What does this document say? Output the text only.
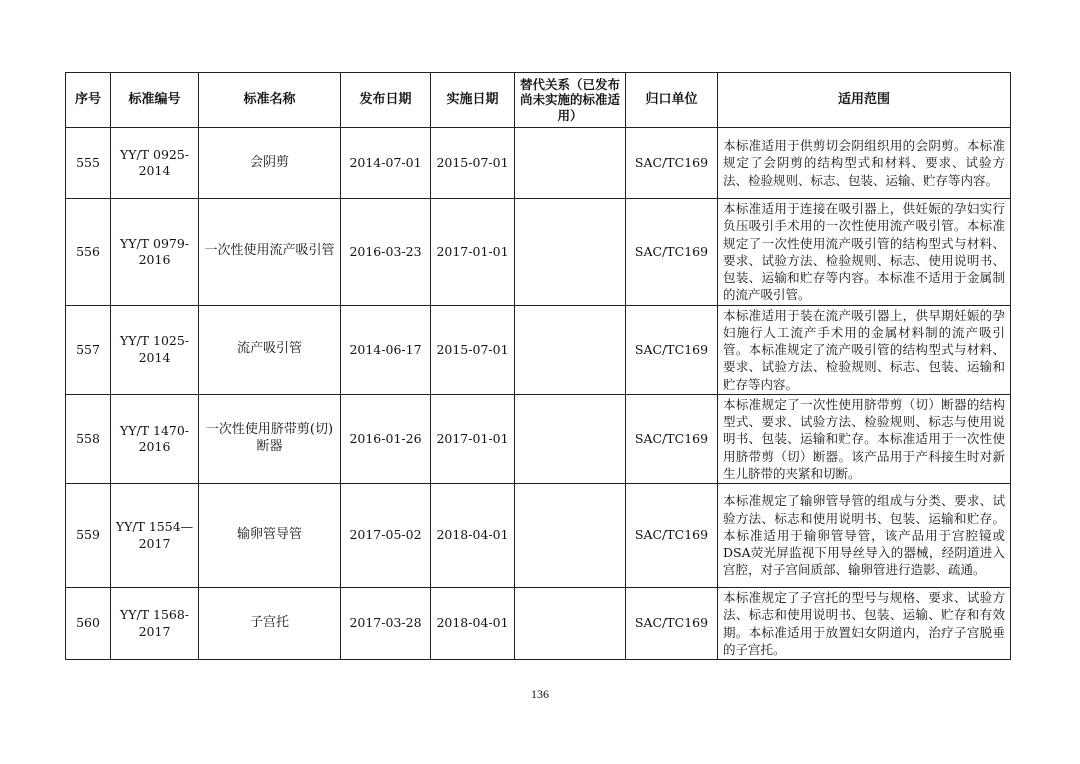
序号	标准编号	标准名称	发布日期	实施日期	替代关系（已发布尚未实施的标准适用）	归口单位	适用范围
555	YY/T 0925-2014	会阴剪	2014-07-01	2015-07-01		SAC/TC169	本标准适用于供剪切会阴组织用的会阴剪。本标准规定了会阴剪的结构型式和材料、要求、试验方法、检验规则、标志、包装、运输、贮存等内容。
556	YY/T 0979-2016	一次性使用流产吸引管	2016-03-23	2017-01-01		SAC/TC169	本标准适用于连接在吸引器上，供妊娠的孕妇实行负压吸引手术用的一次性使用流产吸引管。本标准规定了一次性使用流产吸引管的结构型式与材料、要求、试验方法、检验规则、标志、使用说明书、包装、运输和贮存等内容。本标准不适用于金属制的流产吸引管。
557	YY/T 1025-2014	流产吸引管	2014-06-17	2015-07-01		SAC/TC169	本标准适用于装在流产吸引器上，供早期妊娠的孕妇施行人工流产手术用的金属材料制的流产吸引管。本标准规定了流产吸引管的结构型式与材料、要求、试验方法、检验规则、标志、包装、运输和贮存等内容。
558	YY/T 1470-2016	一次性使用脐带剪(切)断器	2016-01-26	2017-01-01		SAC/TC169	本标准规定了一次性使用脐带剪（切）断器的结构型式、要求、试验方法、检验规则、标志与使用说明书、包装、运输和贮存。本标准适用于一次性使用脐带剪（切）断器。该产品用于产科接生时对新生儿脐带的夹紧和切断。
559	YY/T 1554—2017	输卵管导管	2017-05-02	2018-04-01		SAC/TC169	本标准规定了输卵管导管的组成与分类、要求、试验方法、标志和使用说明书、包装、运输和贮存。本标准适用于输卵管导管，该产品用于宫腔镜或DSA荧光屏监视下用导丝导入的器械，经阴道进入宫腔，对子宫间质部、输卵管进行造影、疏通。
560	YY/T 1568-2017	子宫托	2017-03-28	2018-04-01		SAC/TC169	本标准规定了子宫托的型号与规格、要求、试验方法、标志和使用说明书、包装、运输、贮存和有效期。本标准适用于放置妇女阴道内，治疗子宫脱垂的子宫托。
136
